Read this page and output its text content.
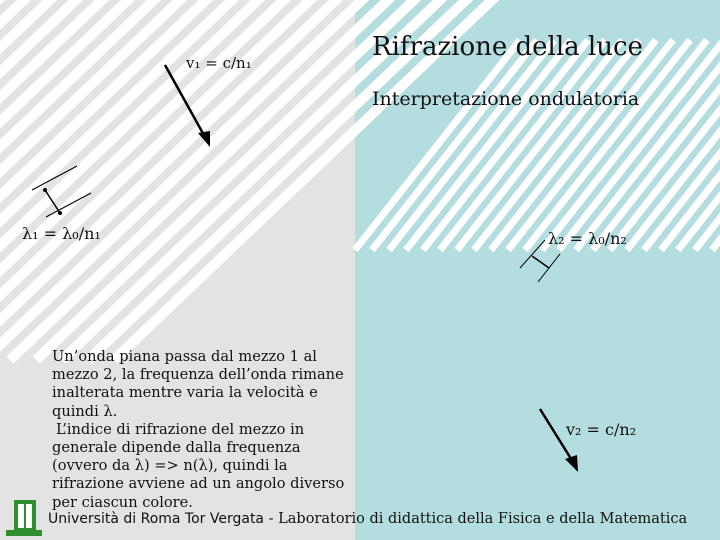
Rifrazione della luce
Interpretazione ondulatoria
v₁ = c/n₁
λ₁ = λ₀/n₁	λ₂ = λ₀/n₂
v₂ = c/n₂

Un’onda piana passa dal mezzo 1 al mezzo 2, la frequenza dell’onda rimane inalterata mentre varia la velocità e quindi λ.

L’indice di rifrazione del mezzo in generale dipende dalla frequenza (ovvero da λ) => n(λ), quindi la rifrazione avviene ad un angolo diverso per ciascun colore.

Università di Roma Tor Vergata - Laboratorio di didattica della Fisica e della Matematica
